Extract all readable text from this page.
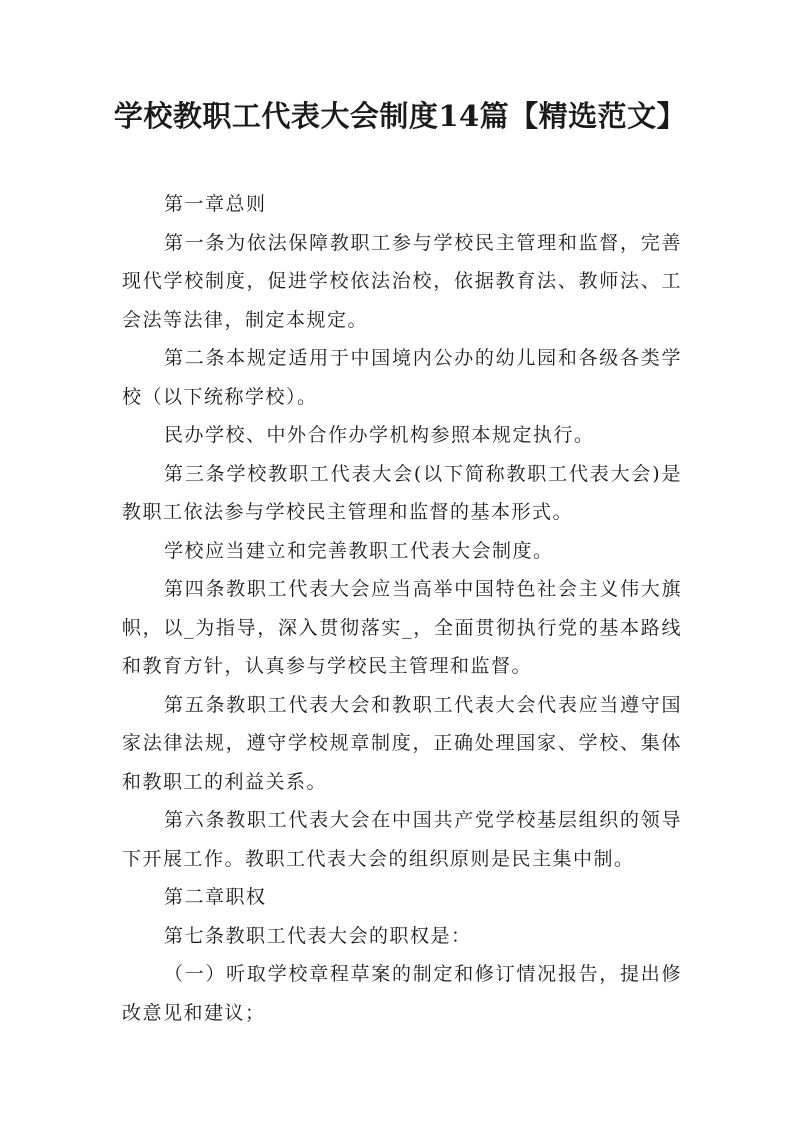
学校教职工代表大会制度14篇【精选范文】

第一章总则

第一条为依法保障教职工参与学校民主管理和监督，完善现代学校制度，促进学校依法治校，依据教育法、教师法、工会法等法律，制定本规定。

第二条本规定适用于中国境内公办的幼儿园和各级各类学校（以下统称学校）。

民办学校、中外合作办学机构参照本规定执行。

第三条学校教职工代表大会(以下简称教职工代表大会)是教职工依法参与学校民主管理和监督的基本形式。

学校应当建立和完善教职工代表大会制度。

第四条教职工代表大会应当高举中国特色社会主义伟大旗帜，以_为指导，深入贯彻落实_，全面贯彻执行党的基本路线和教育方针，认真参与学校民主管理和监督。

第五条教职工代表大会和教职工代表大会代表应当遵守国家法律法规，遵守学校规章制度，正确处理国家、学校、集体和教职工的利益关系。

第六条教职工代表大会在中国共产党学校基层组织的领导下开展工作。教职工代表大会的组织原则是民主集中制。

第二章职权

第七条教职工代表大会的职权是：

（一）听取学校章程草案的制定和修订情况报告，提出修改意见和建议；
